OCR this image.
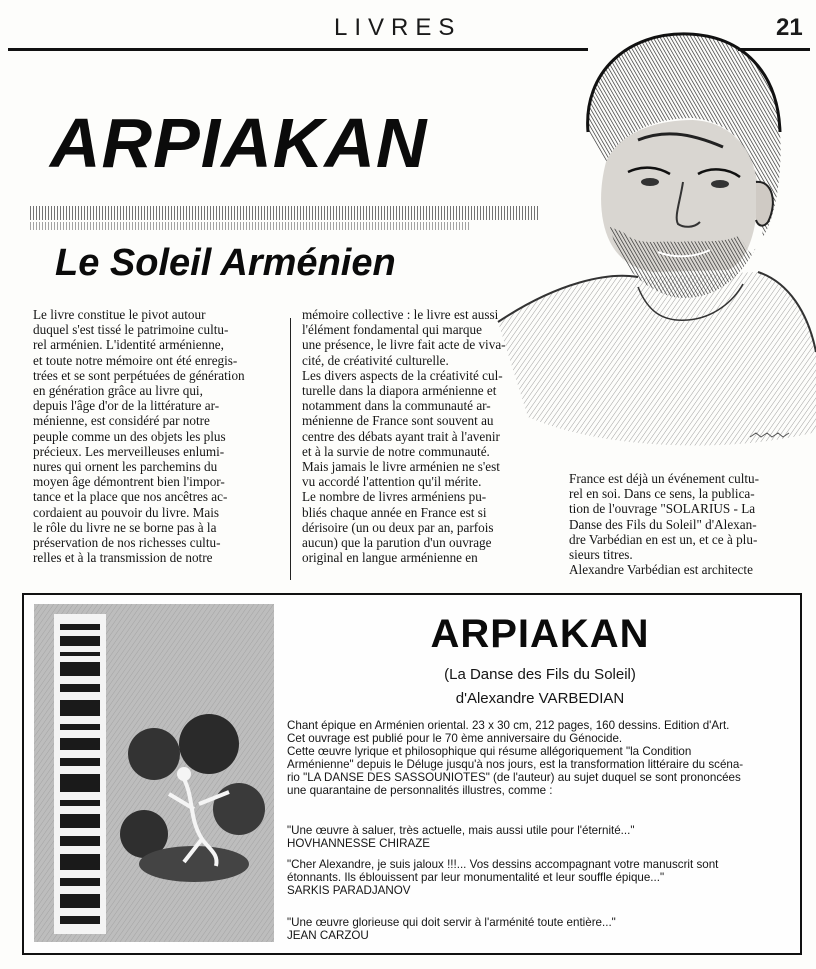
LIVRES	21
ARPIAKAN
Le Soleil Arménien

Le livre constitue le pivot autour

duquel s'est tissé le patrimoine cultu-

rel arménien. L'identité arménienne,

et toute notre mémoire ont été enregis-

trées et se sont perpétuées de génération

en génération grâce au livre qui,

depuis l'âge d'or de la littérature ar-

ménienne, est considéré par notre

peuple comme un des objets les plus

précieux. Les merveilleuses enlumi-

nures qui ornent les parchemins du

moyen âge démontrent bien l'impor-

tance et la place que nos ancêtres ac-

cordaient au pouvoir du livre. Mais

le rôle du livre ne se borne pas à la

préservation de nos richesses cultu-

relles et à la transmission de notre

mémoire collective : le livre est aussi

l'élément fondamental qui marque

une présence, le livre fait acte de viva-

cité, de créativité culturelle.

Les divers aspects de la créativité cul-

turelle dans la diapora arménienne et

notamment dans la communauté ar-

ménienne de France sont souvent au

centre des débats ayant trait à l'avenir

et à la survie de notre communauté.

Mais jamais le livre arménien ne s'est

vu accordé l'attention qu'il mérite.

Le nombre de livres arméniens pu-

bliés chaque année en France est si

dérisoire (un ou deux par an, parfois

aucun) que la parution d'un ouvrage

original en langue arménienne en

France est déjà un événement cultu-

rel en soi. Dans ce sens, la publica-

tion de l'ouvrage "SOLARIUS - La

Danse des Fils du Soleil" d'Alexan-

dre Varbédian en est un, et ce à plu-

sieurs titres.

Alexandre Varbédian est architecte

ARPIAKAN
(La Danse des Fils du Soleil)
d'Alexandre VARBEDIAN
Chant épique en Arménien oriental. 23 x 30 cm, 212 pages, 160 dessins. Edition d'Art.
Cet ouvrage est publié pour le 70 ème anniversaire du Génocide.
Cette œuvre lyrique et philosophique qui résume allégoriquement "la Condition
Arménienne" depuis le Déluge jusqu'à nos jours, est la transformation littéraire du scéna-
rio "LA DANSE DES SASSOUNIOTES" (de l'auteur) au sujet duquel se sont prononcées
une quarantaine de personnalités illustres, comme :
"Une œuvre à saluer, très actuelle, mais aussi utile pour l'éternité..."
HOVHANNESSE CHIRAZE
"Cher Alexandre, je suis jaloux !!!... Vos dessins accompagnant votre manuscrit sont
étonnants. Ils éblouissent par leur monumentalité et leur souffle épique..."
SARKIS PARADJANOV
"Une œuvre glorieuse qui doit servir à l'arménité toute entière..."
JEAN CARZOU
